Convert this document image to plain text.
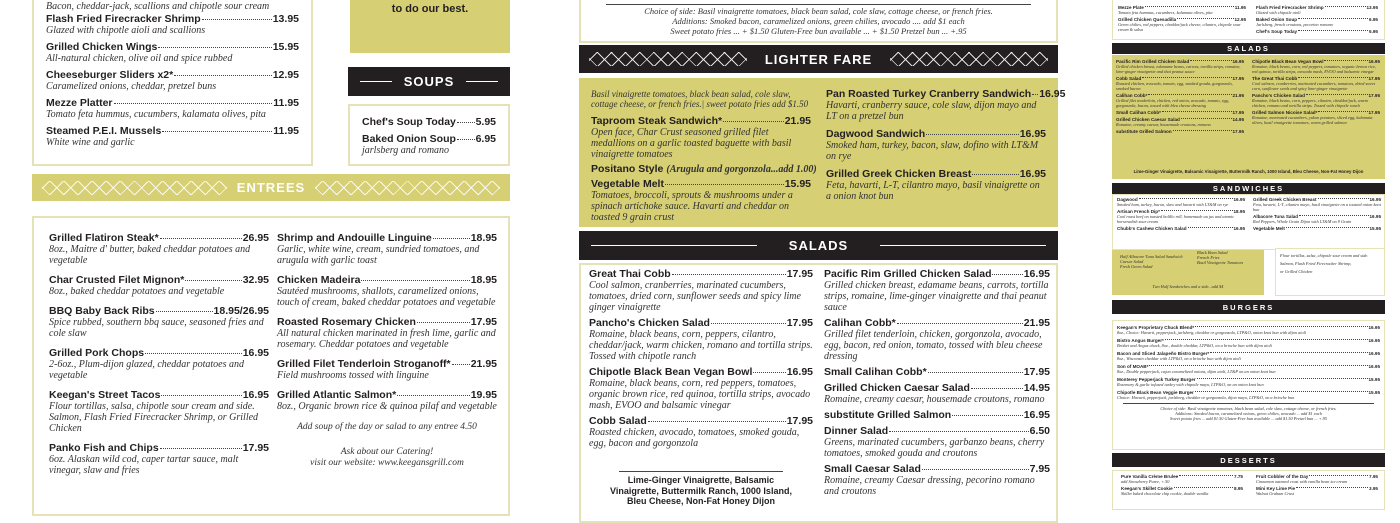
Bacon, cheddar-jack, scallions and chipotle sour cream
Flash Fried Firecracker Shrimp	13.95
Glazed with chipotle aioli and scallions
Grilled Chicken Wings	15.95
All-natural chicken, olive oil and spice rubbed
Cheeseburger Sliders x2*	12.95
Caramelized onions, cheddar, pretzel buns
Mezze Platter	11.95
Tomato feta hummus, cucumbers, kalamata olives, pita
Steamed P.E.I. Mussels	11.95
White wine and garlic
to do our best.
SOUPS
Chef's Soup Today 5.95
Baked Onion Soup 6.95
jarlsberg and romano
ENTREES
Grilled Flatiron Steak*	26.95
8oz., Maitre d' butter, baked cheddar potatoes and vegetable
Char Crusted Filet Mignon*	32.95
8oz., baked cheddar potatoes and vegetable
BBQ Baby Back Ribs	18.95/26.95
Spice rubbed, southern bbq sauce, seasoned fries and cole slaw
Grilled Pork Chops	16.95
2-6oz., Plum-dijon glazed, cheddar potatoes and vegetable
Keegan's Street Tacos	16.95
Flour tortillas, salsa, chipotle sour cream and side. Salmon, Flash Fried Firecracker Shrimp, or Grilled Chicken
Panko Fish and Chips	17.95
6oz. Alaskan wild cod, caper tartar sauce, malt vinegar, slaw and fries
Shrimp and Andouille Linguine	18.95
Garlic, white wine, cream, sundried tomatoes, and arugula with garlic toast
Chicken Madeira	18.95
Sautéed mushrooms, shallots, caramelized onions, touch of cream, baked cheddar potatoes and vegetable
Roasted Rosemary Chicken	17.95
All natural chicken marinated in fresh lime, garlic and rosemary. Cheddar potatoes and vegetable
Grilled Filet Tenderloin Stroganoff* 21.95
Field mushrooms tossed with linguine
Grilled Atlantic Salmon*	19.95
8oz., Organic brown rice & quinoa pilaf and vegetable
Add soup of the day or salad to any entree 4.50
Ask about our Catering!
visit our website: www.keegansgrill.com
Choice of side: Basil vinaigrette tomatoes, black bean salad, cole slaw, cottage cheese, or french fries.
Additions: Smoked bacon, caramelized onions, green chilies, avocado .... add $1 each
Sweet potato fries ... + $1.50 Gluten-Free bun available ... + $1.50 Pretzel bun ... +.95
LIGHTER FARE
Basil vinaigrette tomatoes, black bean salad, cole slaw, cottage cheese, or french fries.| sweet potato fries add $1.50
Taproom Steak Sandwich*	21.95
Open face, Char Crust seasoned grilled filet medallions on a garlic toasted baguette with basil vinaigrette tomatoes
Positano Style (Arugula and gorgonzola...add 1.00)
Vegetable Melt	15.95
Tomatoes, broccoli, sprouts & mushrooms under a spinach artichoke sauce. Havarti and cheddar on toasted 9 grain crust
Pan Roasted Turkey Cranberry Sandwich 16.95
Havarti, cranberry sauce, cole slaw, dijon mayo and LT on a pretzel bun
Dagwood Sandwich	16.95
Smoked ham, turkey, bacon, slaw, dofino with LT&M on rye
Grilled Greek Chicken Breast	16.95
Feta, havarti, L-T, cilantro mayo, basil vinaigrette on a onion knot bun
SALADS
Great Thai Cobb	17.95
Cool salmon, cranberries, marinated cucumbers, tomatoes, dried corn, sunflower seeds and spicy lime ginger vinaigrette
Pancho's Chicken Salad	17.95
Romaine, black beans, corn, peppers, cilantro, cheddar/jack, warm chicken, romano and tortilla strips. Tossed with chipotle ranch
Chipotle Black Bean Vegan Bowl	16.95
Romaine, black beans, corn, red peppers, tomatoes, organic brown rice, red quinoa, tortilla strips, avocado mash, EVOO and balsamic vinegar
Cobb Salad	17.95
Roasted chicken, avocado, tomatoes, smoked gouda, egg, bacon and gorgonzola
Lime-Ginger Vinaigrette, Balsamic Vinaigrette, Buttermilk Ranch, 1000 Island, Bleu Cheese, Non-Fat Honey Dijon
Pacific Rim Grilled Chicken Salad	16.95
Grilled chicken breast, edamame beans, carrots, tortilla strips, romaine, lime-ginger vinaigrette and thai peanut sauce
Calihan Cobb*	21.95
Grilled filet tenderloin, chicken, gorgonzola, avocado, egg, bacon, red onion, tomato, tossed with bleu cheese dressing
Small Calihan Cobb*	17.95
Grilled Chicken Caesar Salad	14.95
Romaine, creamy caesar, housemade croutons, romano
substitute Grilled Salmon	16.95
Dinner Salad	6.50
Greens, marinated cucumbers, garbanzo beans, cherry tomatoes, smoked gouda and croutons
Small Caesar Salad	7.95
Romaine, creamy Caesar dressing, pecorino romano and croutons
Mezze Plate	11.95
Tomato feta hummus, cucumbers, kalamata olives, pita
Grilled Chicken Quesadilla	12.95
Green chilies, red peppers, cheddar/jack cheese, cilantro, chipotle sour cream & salsa
Flash Fried Firecracker Shrimp	13.95
Glazed with chipotle aioli
Baked Onion Soup	6.95
Jarlsberg, french croutons, pecorino romano
Chef's Soup Today	5.95
SALADS
Pacific Rim Grilled Chicken Salad	16.95
Grilled chicken breast, edamame beans, carrots, tortilla strips, romaine, lime-ginger vinaigrette and thai peanut sauce
Cobb Salad	17.95
Roasted chicken, avocado, tomato, egg, smoked gouda, gorgonzola, smoked bacon
Calihan Cobb*	21.95
Grilled filet tenderloin, chicken, red onion, avocado, tomato, egg, gorgonzola, bacon, tossed with bleu cheese dressing
Small Calihan Cobb*	17.95
Grilled Chicken Caesar Salad	14.95
Romaine, creamy caesar, housemade croutons, romano
substitute Grilled Salmon	17.95
Chipotle Black Bean Vegan Bowl	16.95
Romaine, black beans, corn, red peppers, tomatoes, organic brown rice, red quinoa, tortilla strips, avocado mash, EVOO and balsamic vinegar
The Great Thai Cobb	17.95
Cool salmon, cranberries, marinated cucumbers, tomatoes, dried sweet corn, sunflower seeds and spicy lime-ginger vinaigrette
Pancho's Chicken Salad	17.95
Romaine, black beans, corn, peppers, cilantro, cheddar/jack, warm chicken, romano and tortilla strips. Tossed with chipotle ranch
Grilled Salmon Nicoise Salad*	17.95
Romaine, marinated cucumbers, yukon potatoes, sliced egg, kalamata olives, basil vinaigrette tomatoes, warm grilled salmon
Lime-Ginger Vinaigrette, Balsamic Vinaigrette, Buttermilk Ranch, 1000 Island, Bleu Cheese, Non-Fat Honey Dijon
SANDWICHES
Dagwood	16.95
Smoked ham, turkey, bacon, slaw and havarti with LT&M on rye
Artisan French Dip*	18.95
Cool roast beef on toasted bolillo roll, homemade au jus and atomic horseradish sour cream
Chubb's Cashew Chicken Salad	16.95
Grilled Greek Chicken Breast	16.95
Feta, havarti, L-T, cilantro mayo, basil vinaigrette on a toasted onion knot bun
Albacore Tuna Salad	16.95
Red Peppers, Whole Grain Dijon with LT&M on 9 Grain
Vegetable Melt	15.95
Half Albacore Tuna Salad Sandwich
Caesar Salad
Fresh Green Salad
Black Bean Salad
French Fries
Basil Vinaigrette Tomatoes
Two Half Sandwiches and a side...add $4
Flour tortillas, salsa, chipotle sour cream and side.
Salmon, Flash Fried Firecracker Shrimp,
or Grilled Chicken
BURGERS
Keegan's Proprietary Chuck Blend*	16.95
8oz., Choice: Havarti, pepperjack, jarlsberg, cheddar or gorgonzola, LTP&O, onion knot bun with dijon aioli
Bistro Angus Burger*	16.95
Brisket and Angus chuck, 8oz., double cheddar, LTP&O, on a brioche bun with dijon aioli
Bacon and Sliced Jalapeño Bistro Burger*	16.95
8oz., Wisconsin cheddar with LTP&O, on a brioche bun with dijon aioli
Son of MOAB*	16.95
8oz., Double pepperjack, cajun caramelized onions, dijon aioli, LT&P on an onion knot bun
Monterey Pepperjack Turkey Burger	15.95
Rosemary & garlic infused turkey with chipotle mayo, LTP&O, on an onion knot bun
Chipotle Black Bean Veggie Burger	15.95
Choice: Havarti, pepperjack, jarlsberg, cheddar or gorgonzola, dijon mayo, LTP&O, on a brioche bun
Choice of side: Basil vinaigrette tomatoes, black bean salad, cole slaw, cottage cheese, or french fries.
Additions: Smoked bacon, caramelized onions, green chilies, avocado ... add $1 each
Sweet potato fries ... add $1.50 Gluten-Free bun available ... add $1.50 Pretzel bun ... +.95
DESSERTS
Pure Vanilla Crème Brulee	7.75
add Strawberry Puree, +.50
Keegan's Skillet Cookie	8.95
Skillet baked chocolate chip cookie, double vanilla
Fruit Cobbler of the Day	7.95
Cinnamon oatmeal crust with vanilla bean ice cream
Mini Key Lime Pie	3.95
Walnut Graham Crust
